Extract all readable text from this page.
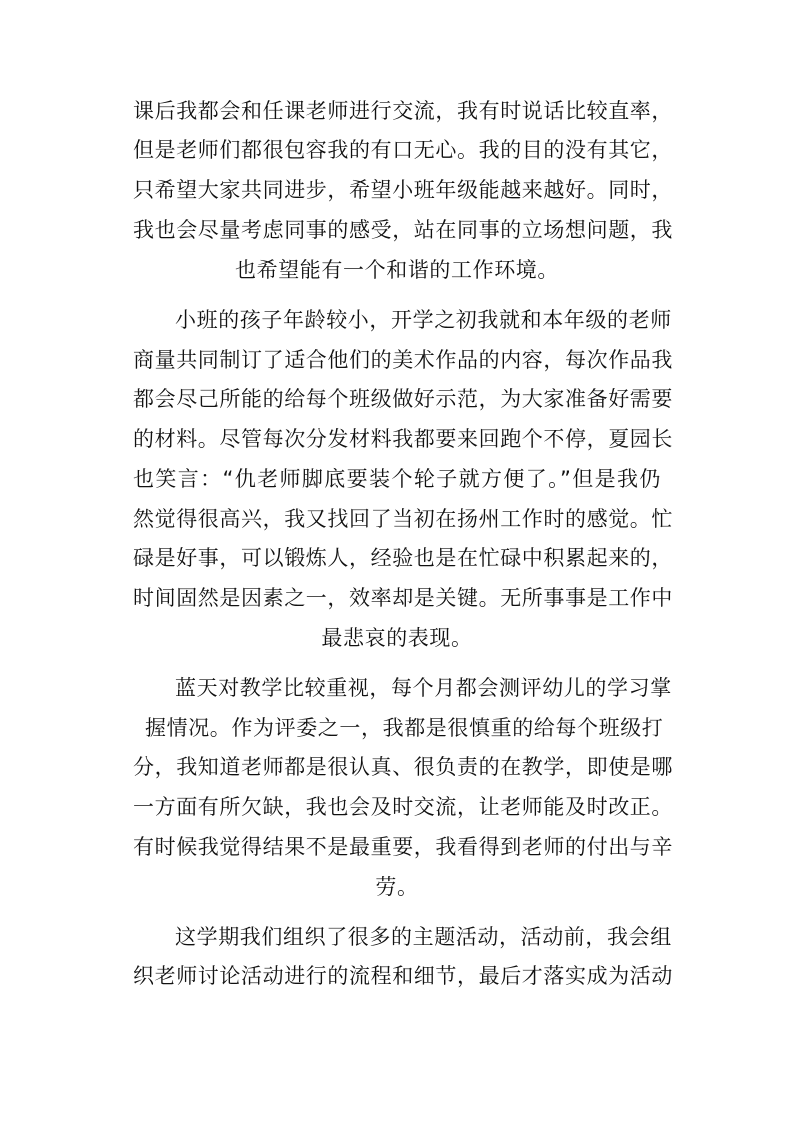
课后我都会和任课老师进行交流，我有时说话比较直率，
但是老师们都很包容我的有口无心。我的目的没有其它，
只希望大家共同进步，希望小班年级能越来越好。同时，
我也会尽量考虑同事的感受，站在同事的立场想问题，我
也希望能有一个和谐的工作环境。
小班的孩子年龄较小，开学之初我就和本年级的老师
商量共同制订了适合他们的美术作品的内容，每次作品我
都会尽己所能的给每个班级做好示范，为大家准备好需要
的材料。尽管每次分发材料我都要来回跑个不停，夏园长
也笑言：“仇老师脚底要装个轮子就方便了。”但是我仍
然觉得很高兴，我又找回了当初在扬州工作时的感觉。忙
碌是好事，可以锻炼人，经验也是在忙碌中积累起来的，
时间固然是因素之一，效率却是关键。无所事事是工作中
最悲哀的表现。
蓝天对教学比较重视，每个月都会测评幼儿的学习掌
握情况。作为评委之一，我都是很慎重的给每个班级打
分，我知道老师都是很认真、很负责的在教学，即使是哪
一方面有所欠缺，我也会及时交流，让老师能及时改正。
有时候我觉得结果不是最重要，我看得到老师的付出与辛
劳。
这学期我们组织了很多的主题活动，活动前，我会组
织老师讨论活动进行的流程和细节，最后才落实成为活动
